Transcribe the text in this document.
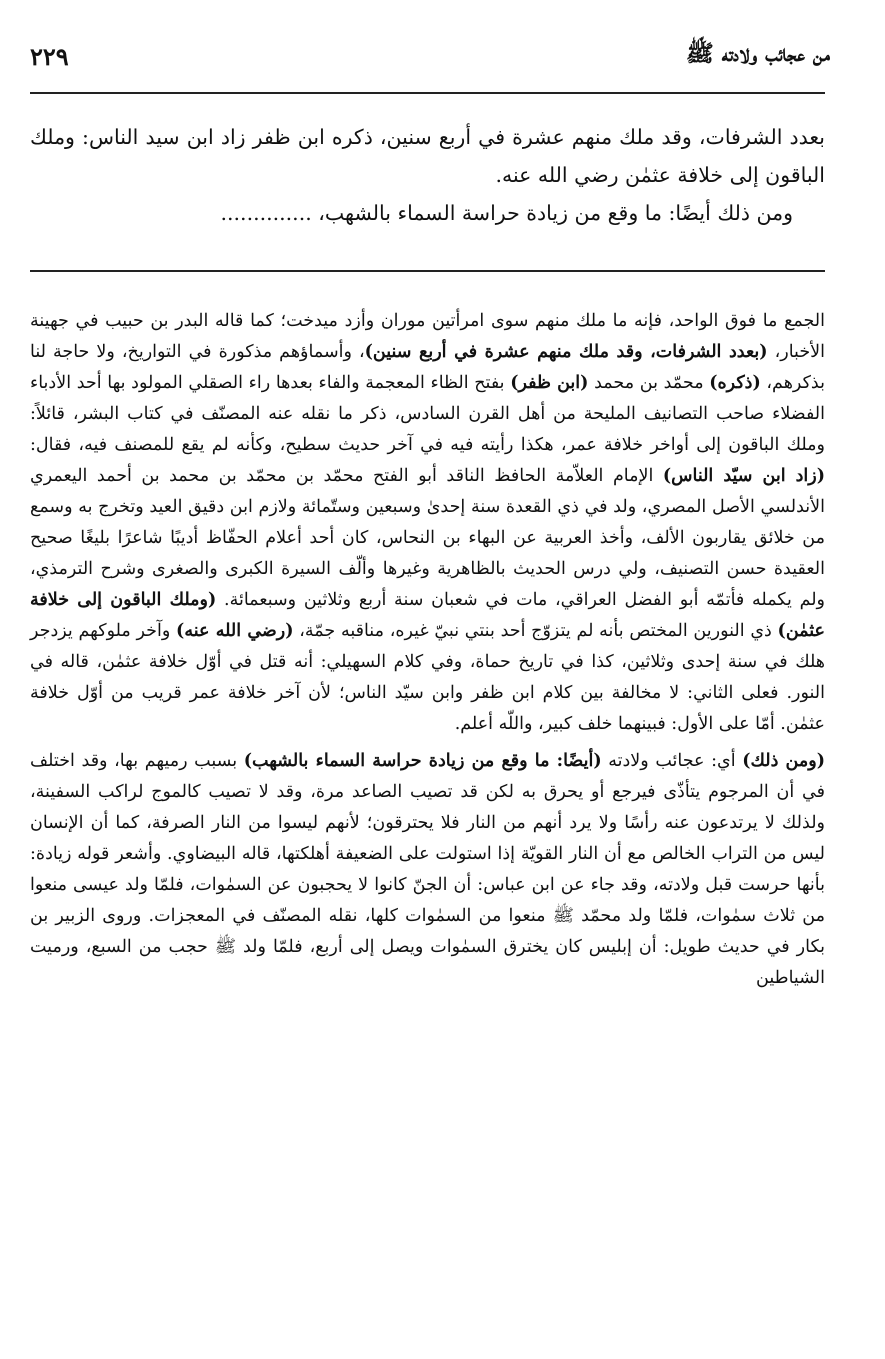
من عجائب ولادته ﷺ
٢٢٩

بعدد الشرفات، وقد ملك منهم عشرة في أربع سنين، ذكره ابن ظفر زاد ابن سيد الناس: وملك الباقون إلى خلافة عثمٰن رضي الله عنه.

ومن ذلك أيضًا: ما وقع من زيادة حراسة السماء بالشهب، ..............

الجمع ما فوق الواحد، فإنه ما ملك منهم سوى امرأتين موران وأزد ميدخت؛ كما قاله البدر بن حبيب في جهينة الأخبار، (بعدد الشرفات، وقد ملك منهم عشرة في أربع سنين)، وأسماؤهم مذكورة في التواريخ، ولا حاجة لنا بذكرهم، (ذكره) محمّد بن محمد (ابن ظفر) بفتح الظاء المعجمة والفاء بعدها راء الصقلي المولود بها أحد الأدباء الفضلاء صاحب التصانيف المليحة من أهل القرن السادس، ذكر ما نقله عنه المصنّف في كتاب البشر، قائلاً: وملك الباقون إلى أواخر خلافة عمر، هكذا رأيته فيه في آخر حديث سطيح، وكأنه لم يقع للمصنف فيه، فقال: (زاد ابن سيّد الناس) الإمام العلاّمة الحافظ الناقد أبو الفتح محمّد بن محمّد بن محمد بن أحمد اليعمري الأندلسي الأصل المصري، ولد في ذي القعدة سنة إحدىٰ وسبعين وستّمائة ولازم ابن دقيق العيد وتخرج به وسمع من خلائق يقاربون الألف، وأخذ العربية عن البهاء بن النحاس، كان أحد أعلام الحفّاظ أديبًا شاعرًا بليغًا صحيح العقيدة حسن التصنيف، ولي درس الحديث بالظاهرية وغيرها وألّف السيرة الكبرى والصغرى وشرح الترمذي، ولم يكمله فأتمّه أبو الفضل العراقي، مات في شعبان سنة أربع وثلاثين وسبعمائة. (وملك الباقون إلى خلافة عثمٰن) ذي النورين المختص بأنه لم يتزوّج أحد بنتي نبيّ غيره، مناقبه جمّة، (رضي الله عنه) وآخر ملوكهم يزدجر هلك في سنة إحدى وثلاثين، كذا في تاريخ حماة، وفي كلام السهيلي: أنه قتل في أوّل خلافة عثمٰن، قاله في النور. فعلى الثاني: لا مخالفة بين كلام ابن ظفر وابن سيّد الناس؛ لأن آخر خلافة عمر قريب من أوّل خلافة عثمٰن. أمّا على الأول: فبينهما خلف كبير، واللّه أعلم.

(ومن ذلك) أي: عجائب ولادته (أيضًا: ما وقع من زيادة حراسة السماء بالشهب) بسبب رميهم بها، وقد اختلف في أن المرجوم يتأذّى فيرجع أو يحرق به لكن قد تصيب الصاعد مرة، وقد لا تصيب كالموج لراكب السفينة، ولذلك لا يرتدعون عنه رأسًا ولا يرد أنهم من النار فلا يحترقون؛ لأنهم ليسوا من النار الصرفة، كما أن الإنسان ليس من التراب الخالص مع أن النار القويّة إذا استولت على الضعيفة أهلكتها، قاله البيضاوي. وأشعر قوله زيادة: بأنها حرست قبل ولادته، وقد جاء عن ابن عباس: أن الجنّ كانوا لا يحجبون عن السمٰوات، فلمّا ولد عيسى منعوا من ثلاث سمٰوات، فلمّا ولد محمّد ﷺ منعوا من السمٰوات كلها، نقله المصنّف في المعجزات. وروى الزبير بن بكار في حديث طويل: أن إبليس كان يخترق السمٰوات ويصل إلى أربع، فلمّا ولد ﷺ حجب من السبع، ورميت الشياطين
